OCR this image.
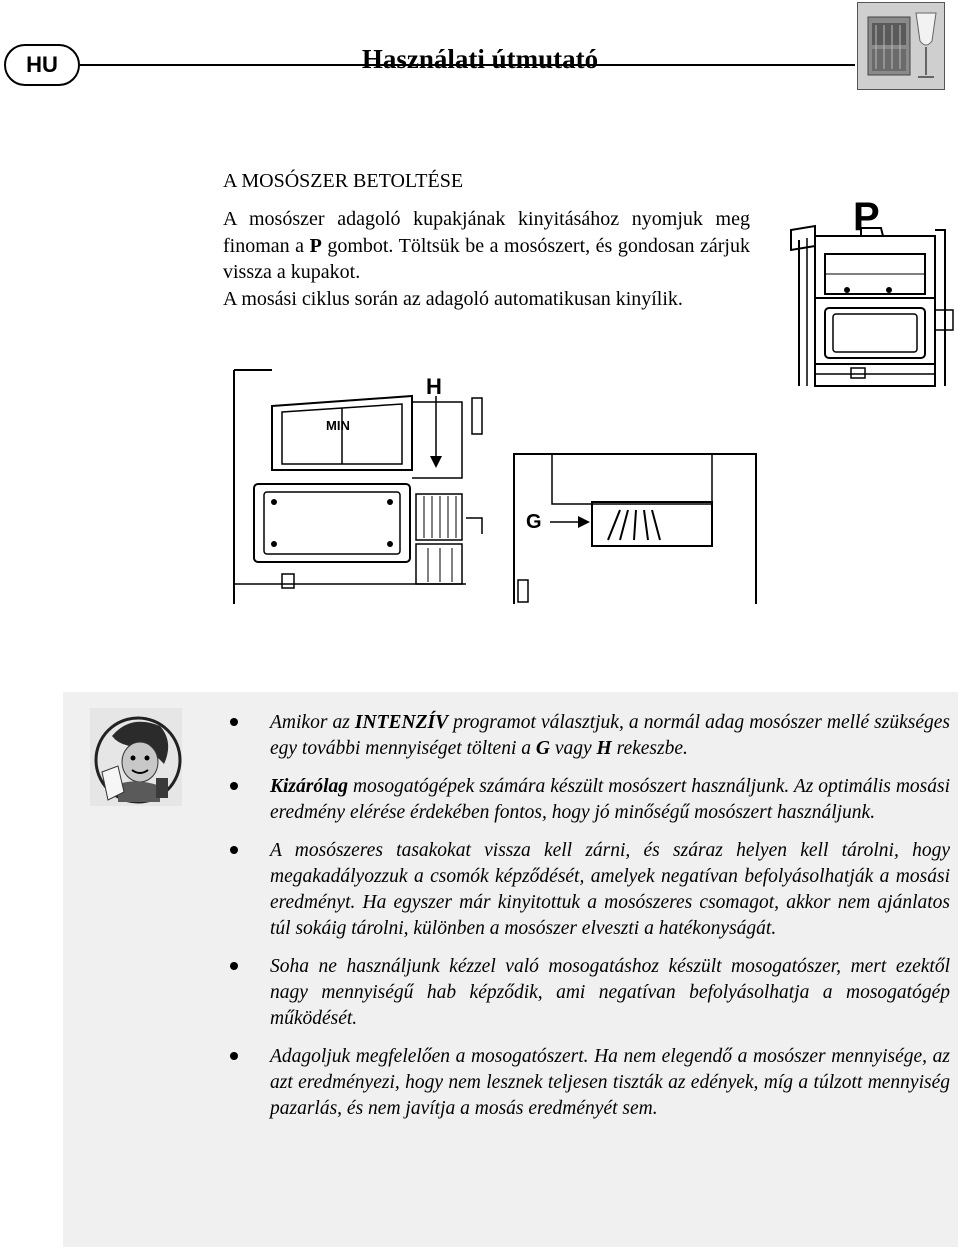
HU	Használati útmutató
A MOSÓSZER BETOLTÉSE
A mosószer adagoló kupakjának kinyitásához nyomjuk meg finoman a P gombot. Töltsük be a mosószert, és gondosan zárjuk vissza a kupakot.
A mosási ciklus során az adagoló automatikusan kinyílik.
P
H
MIN
G
Amikor az INTENZÍV programot választjuk, a normál adag mosószer mellé szükséges egy további mennyiséget tölteni a G vagy H rekeszbe.
Kizárólag mosogatógépek számára készült mosószert használjunk. Az optimális mosási eredmény elérése érdekében fontos, hogy jó minőségű mosószert használjunk.
A mosószeres tasakokat vissza kell zárni, és száraz helyen kell tárolni, hogy megakadályozzuk a csomók képződését, amelyek negatívan befolyásolhatják a mosási eredményt. Ha egyszer már kinyitottuk a mosószeres csomagot, akkor nem ajánlatos túl sokáig tárolni, különben a mosószer elveszti a hatékonyságát.
Soha ne használjunk kézzel való mosogatáshoz készült mosogatószer, mert ezektől nagy mennyiségű hab képződik, ami negatívan befolyásolhatja a mosogatógép működését.
Adagoljuk megfelelően a mosogatószert. Ha nem elegendő a mosószer mennyisége, az azt eredményezi, hogy nem lesznek teljesen tiszták az edények, míg a túlzott mennyiség pazarlás, és nem javítja a mosás eredményét sem.
